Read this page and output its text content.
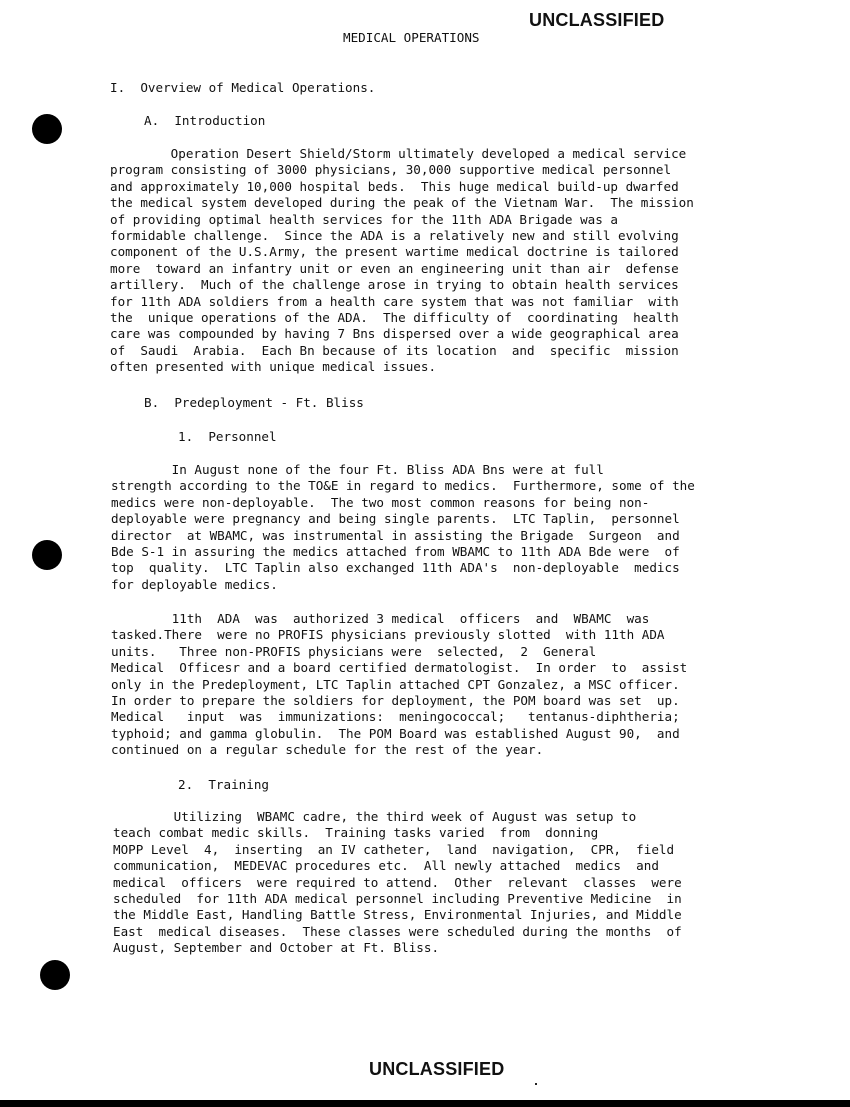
UNCLASSIFIED
MEDICAL OPERATIONS
I.  Overview of Medical Operations.
A.  Introduction
Operation Desert Shield/Storm ultimately developed a medical service
program consisting of 3000 physicians, 30,000 supportive medical personnel
and approximately 10,000 hospital beds.  This huge medical build-up dwarfed
the medical system developed during the peak of the Vietnam War.  The mission
of providing optimal health services for the 11th ADA Brigade was a
formidable challenge.  Since the ADA is a relatively new and still evolving
component of the U.S.Army, the present wartime medical doctrine is tailored
more  toward an infantry unit or even an engineering unit than air  defense
artillery.  Much of the challenge arose in trying to obtain health services
for 11th ADA soldiers from a health care system that was not familiar  with
the  unique operations of the ADA.  The difficulty of  coordinating  health
care was compounded by having 7 Bns dispersed over a wide geographical area
of  Saudi  Arabia.  Each Bn because of its location  and  specific  mission
often presented with unique medical issues.
B.  Predeployment - Ft. Bliss
1.  Personnel
In August none of the four Ft. Bliss ADA Bns were at full
strength according to the TO&E in regard to medics.  Furthermore, some of the
medics were non-deployable.  The two most common reasons for being non-
deployable were pregnancy and being single parents.  LTC Taplin,  personnel
director  at WBAMC, was instrumental in assisting the Brigade  Surgeon  and
Bde S-1 in assuring the medics attached from WBAMC to 11th ADA Bde were  of
top  quality.  LTC Taplin also exchanged 11th ADA's  non-deployable  medics
for deployable medics.
11th  ADA  was  authorized 3 medical  officers  and  WBAMC  was
tasked.There  were no PROFIS physicians previously slotted  with 11th ADA
units.   Three non-PROFIS physicians were  selected,  2  General
Medical  Officesr and a board certified dermatologist.  In order  to  assist
only in the Predeployment, LTC Taplin attached CPT Gonzalez, a MSC officer.
In order to prepare the soldiers for deployment, the POM board was set  up.
Medical   input  was  immunizations:  meningococcal;   tentanus-diphtheria;
typhoid; and gamma globulin.  The POM Board was established August 90,  and
continued on a regular schedule for the rest of the year.
2.  Training
Utilizing  WBAMC cadre, the third week of August was setup to
teach combat medic skills.  Training tasks varied  from  donning
MOPP Level  4,  inserting  an IV catheter,  land  navigation,  CPR,  field
communication,  MEDEVAC procedures etc.  All newly attached  medics  and
medical  officers  were required to attend.  Other  relevant  classes  were
scheduled  for 11th ADA medical personnel including Preventive Medicine  in
the Middle East, Handling Battle Stress, Environmental Injuries, and Middle
East  medical diseases.  These classes were scheduled during the months  of
August, September and October at Ft. Bliss.
UNCLASSIFIED
